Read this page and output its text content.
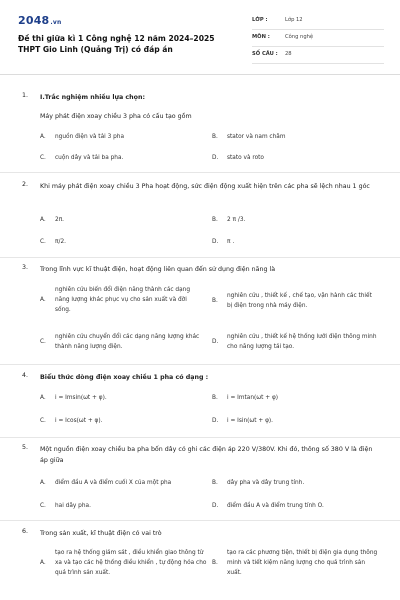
2048.vn
Đề thi giữa kì 1 Công nghệ 12 năm 2024–2025 THPT Gio Linh (Quảng Trị) có đáp án
LỚP :	Lớp 12
MÔN :	Công nghệ
SỐ CÂU : 28
1. I.Trắc nghiệm nhiều lựa chọn:
Máy phát điện xoay chiều 3 pha có cấu tạo gồm
A. nguồn điện và tải 3 pha	B. stator và nam châm
C. cuộn dây và tải ba pha.	D. stato và roto
2. Khi máy phát điện xoay chiều 3 Pha hoạt động, sức điện động xuất hiện trên các pha sẽ lệch nhau 1 góc
A. 2π.	B. 2 π /3.
C. π/2.	D. π .
3. Trong lĩnh vực kĩ thuật điện, hoạt động liên quan đến sử dụng điện năng là
A.
nghiên cứu biến đổi điện năng thành các dạng năng lượng khác phục vụ cho sản xuất và đời sống.
B.
nghiên cứu , thiết kế , chế tạo, vận hành các thiết bị điện trong nhà máy điện.
C.
nghiên cứu chuyển đổi các dạng năng lượng khác thành năng lượng điện.
D.
nghiên cứu , thiết kế hệ thống lưới điện thông minh cho năng lượng tái tạo.
4. Biểu thức dòng điện xoay chiều 1 pha có dạng :
A. i = Imsin(ωt + φ).	B. i = Imtan(ωt + φ)
C. i = Icos(ωt + φ).	D. i = Isin(ωt + φ).
5. Một nguồn điện xoay chiều ba pha bốn dây có ghi các điện áp 220 V/380V. Khi đó, thông số 380 V là điện áp giữa
A. điểm đầu A và điểm cuối X của một pha	B. dây pha và dây trung tính.
C. hai dây pha.	D. điểm đầu A và điểm trung tính O.
6. Trong sản xuất, kĩ thuật điện có vai trò
A.
tạo ra hệ thống giám sát , điều khiển giao thông từ xa và tạo các hệ thống điều khiển , tự động hóa cho quá trình sản xuất.
B.
tạo ra các phương tiện, thiết bị điện gia dụng thông minh và tiết kiệm năng lượng cho quá trình sản xuất.
